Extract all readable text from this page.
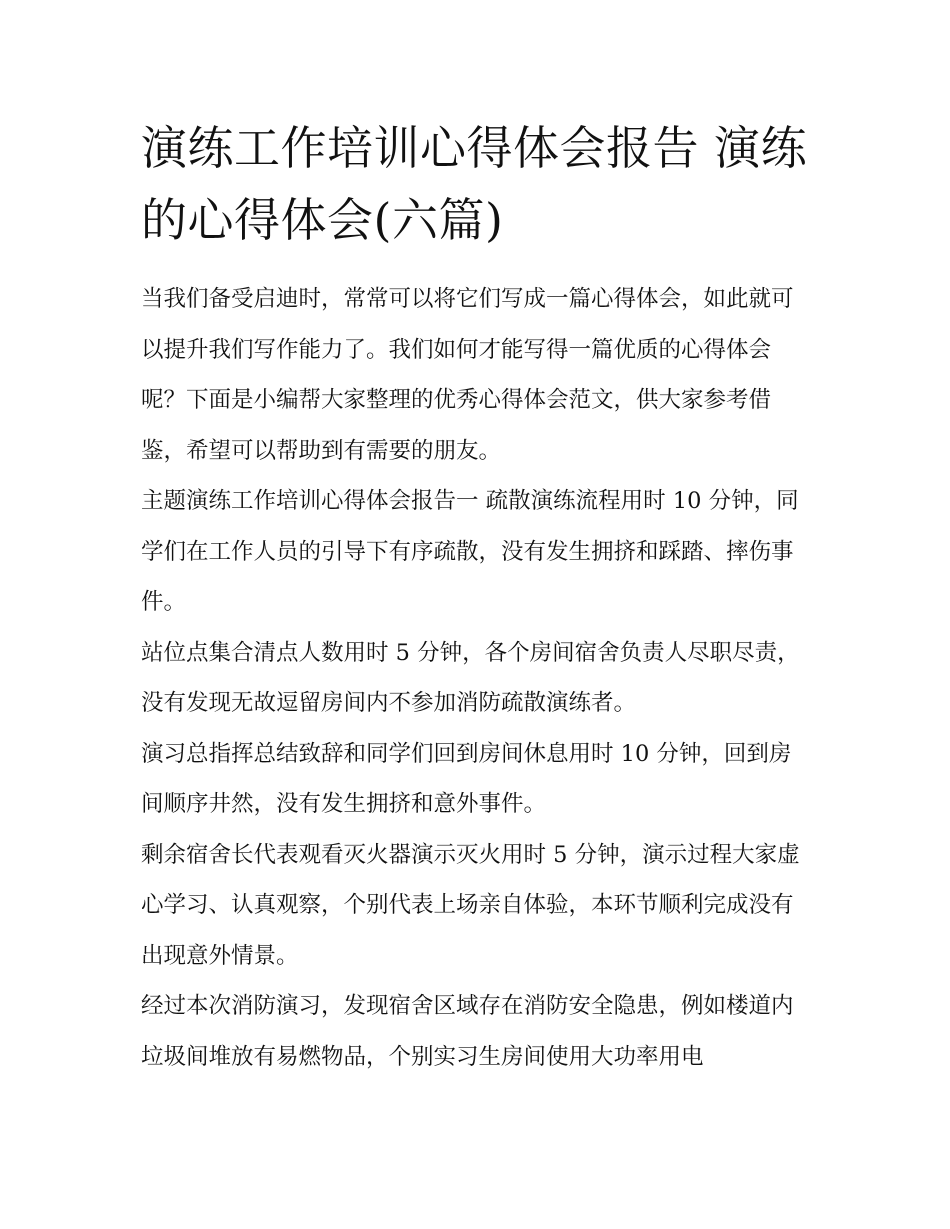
演练工作培训心得体会报告 演练的心得体会(六篇)

当我们备受启迪时，常常可以将它们写成一篇心得体会，如此就可以提升我们写作能力了。我们如何才能写得一篇优质的心得体会呢？下面是小编帮大家整理的优秀心得体会范文，供大家参考借鉴，希望可以帮助到有需要的朋友。

主题演练工作培训心得体会报告一 疏散演练流程用时 10 分钟，同学们在工作人员的引导下有序疏散，没有发生拥挤和踩踏、摔伤事件。

站位点集合清点人数用时 5 分钟，各个房间宿舍负责人尽职尽责，没有发现无故逗留房间内不参加消防疏散演练者。

演习总指挥总结致辞和同学们回到房间休息用时 10 分钟，回到房间顺序井然，没有发生拥挤和意外事件。

剩余宿舍长代表观看灭火器演示灭火用时 5 分钟，演示过程大家虚心学习、认真观察，个别代表上场亲自体验，本环节顺利完成没有出现意外情景。

经过本次消防演习，发现宿舍区域存在消防安全隐患，例如楼道内垃圾间堆放有易燃物品，个别实习生房间使用大功率用电
